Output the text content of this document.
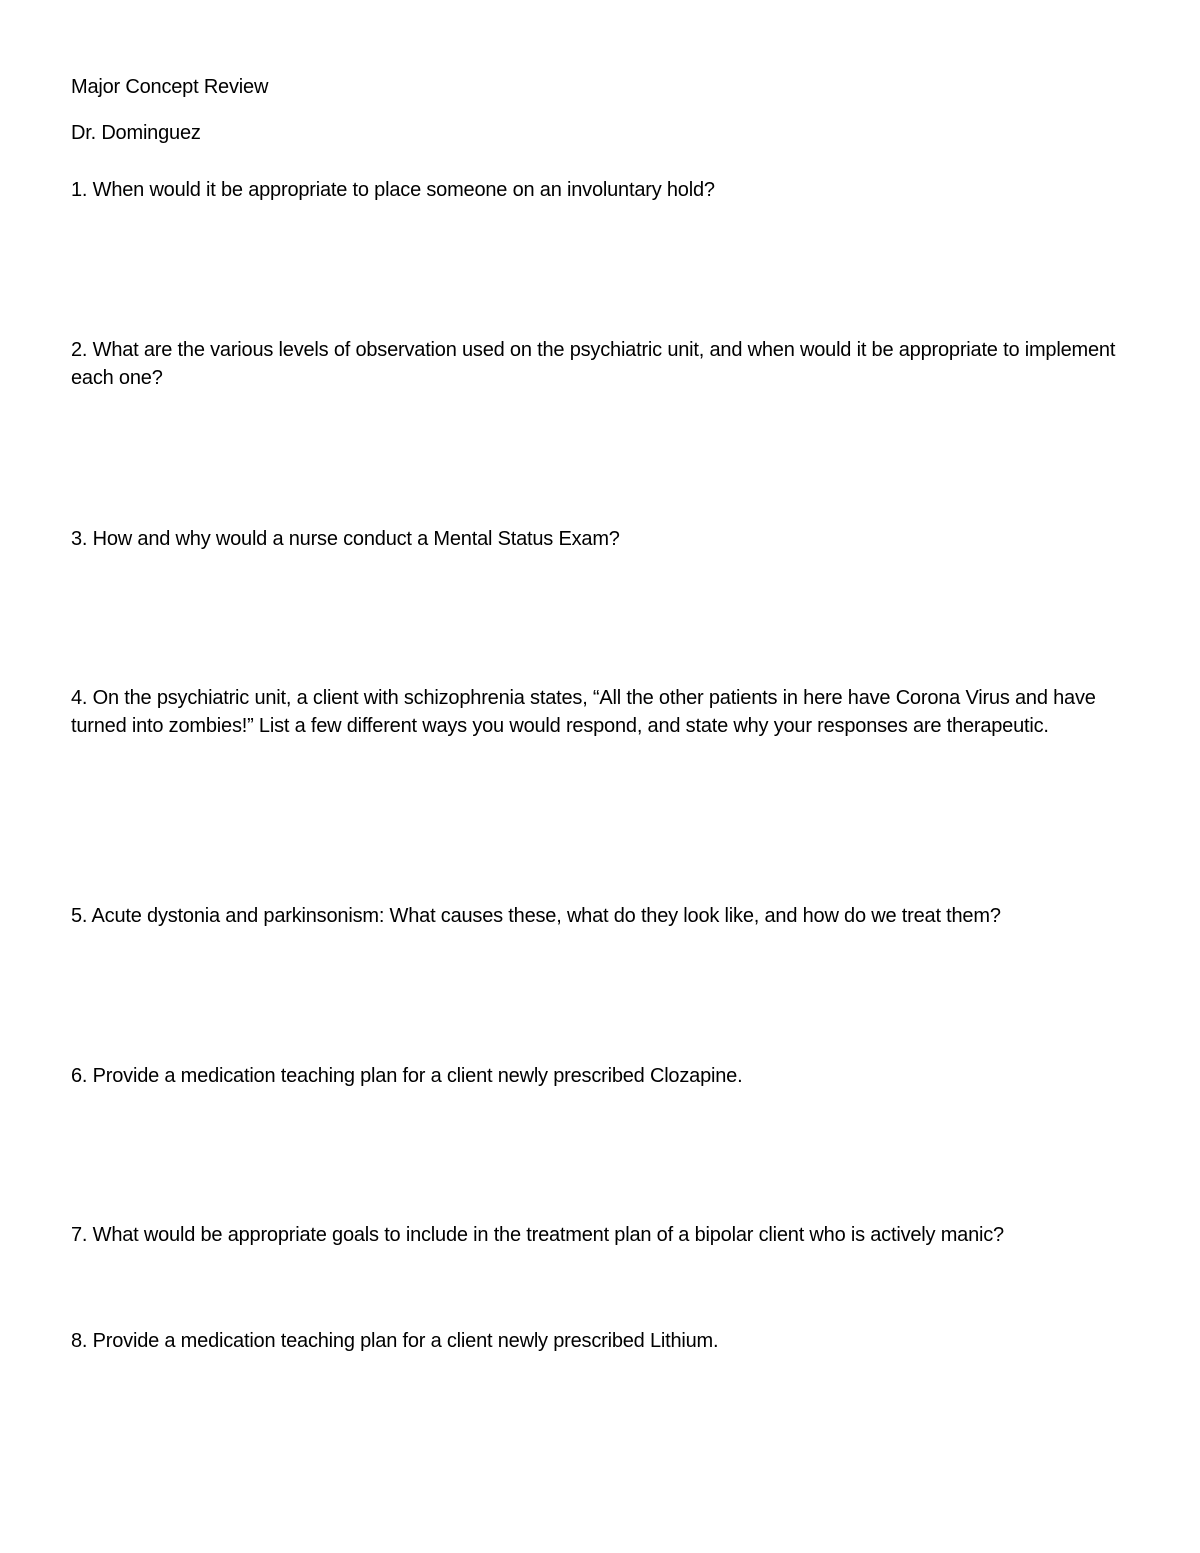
Major Concept Review
Dr. Dominguez
1. When would it be appropriate to place someone on an involuntary hold?
2. What are the various levels of observation used on the psychiatric unit, and when would it be appropriate to implement each one?
3. How and why would a nurse conduct a Mental Status Exam?
4. On the psychiatric unit, a client with schizophrenia states, “All the other patients in here have Corona Virus and have turned into zombies!” List a few different ways you would respond, and state why your responses are therapeutic.
5. Acute dystonia and parkinsonism: What causes these, what do they look like, and how do we treat them?
6. Provide a medication teaching plan for a client newly prescribed Clozapine.
7. What would be appropriate goals to include in the treatment plan of a bipolar client who is actively manic?
8. Provide a medication teaching plan for a client newly prescribed Lithium.
